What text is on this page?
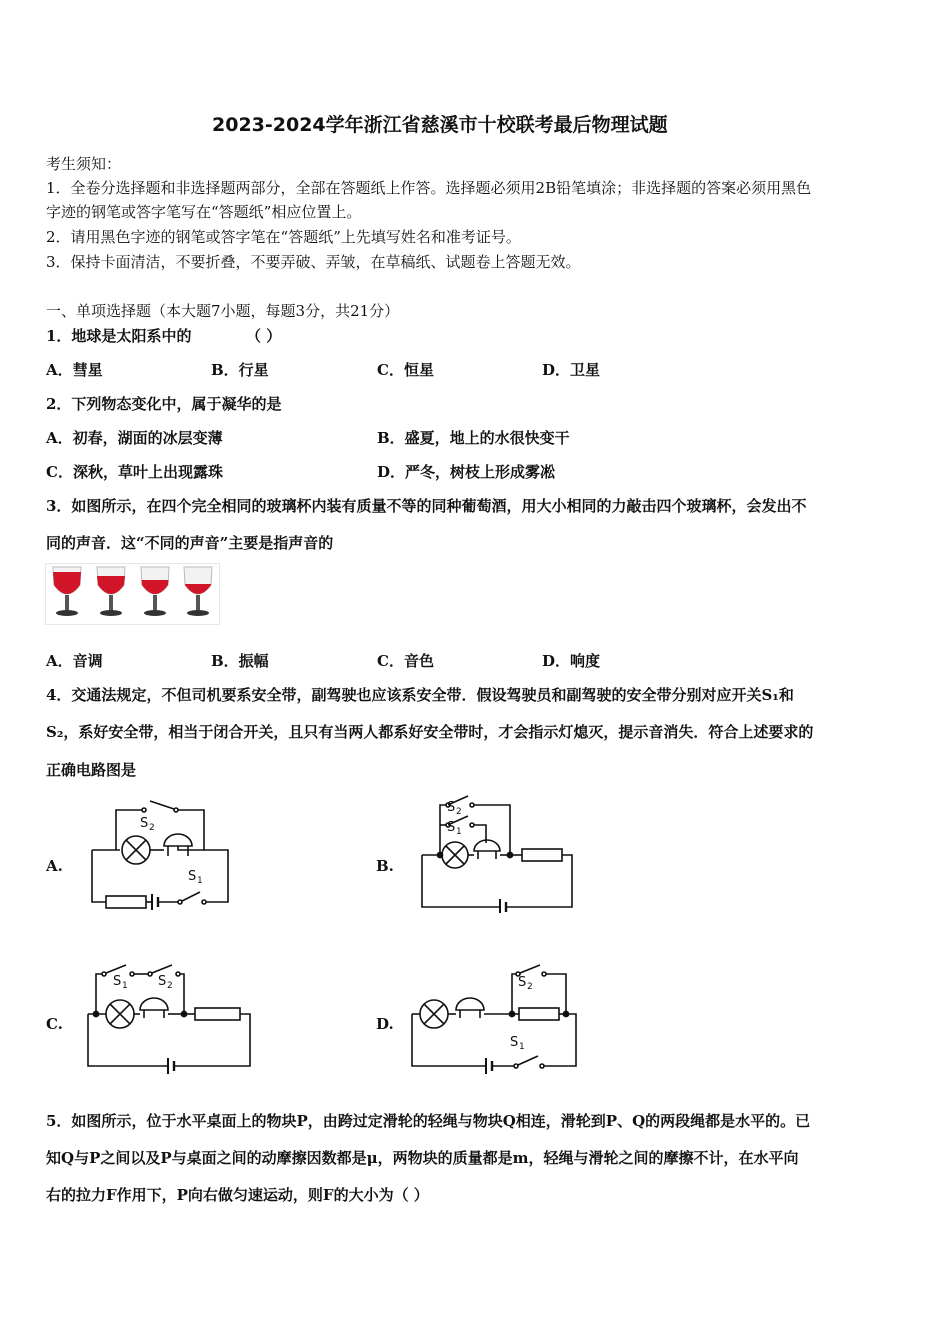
2023-2024学年浙江省慈溪市十校联考最后物理试题
考生须知：
1．全卷分选择题和非选择题两部分，全部在答题纸上作答。选择题必须用2B铅笔填涂；非选择题的答案必须用黑色
字迹的钢笔或答字笔写在“答题纸”相应位置上。
2．请用黑色字迹的钢笔或答字笔在“答题纸”上先填写姓名和准考证号。
3．保持卡面清洁，不要折叠，不要弄破、弄皱，在草稿纸、试题卷上答题无效。
一、单项选择题（本大题7小题，每题3分，共21分）
1．地球是太阳系中的	（ ）
A．彗星	B．行星	C．恒星	D．卫星
2．下列物态变化中，属于凝华的是
A．初春，湖面的冰层变薄	B．盛夏，地上的水很快变干
C．深秋，草叶上出现露珠	D．严冬，树枝上形成雾凇
3．如图所示，在四个完全相同的玻璃杯内装有质量不等的同种葡萄酒，用大小相同的力敲击四个玻璃杯，会发出不
同的声音．这“不同的声音”主要是指声音的
A．音调	B．振幅	C．音色	D．响度
4．交通法规定，不但司机要系安全带，副驾驶也应该系安全带．假设驾驶员和副驾驶的安全带分别对应开关S₁和
S₂，系好安全带，相当于闭合开关，且只有当两人都系好安全带时，才会指示灯熄灭，提示音消失．符合上述要求的
正确电路图是
A.	B.
C.	D.
S 2
S 1
S 2
S 1
S 1 S 2	S 2
S 1
5．如图所示，位于水平桌面上的物块P，由跨过定滑轮的轻绳与物块Q相连，滑轮到P、Q的两段绳都是水平的。已
知Q与P之间以及P与桌面之间的动摩擦因数都是μ，两物块的质量都是m，轻绳与滑轮之间的摩擦不计，在水平向
右的拉力F作用下，P向右做匀速运动，则F的大小为（ ）
